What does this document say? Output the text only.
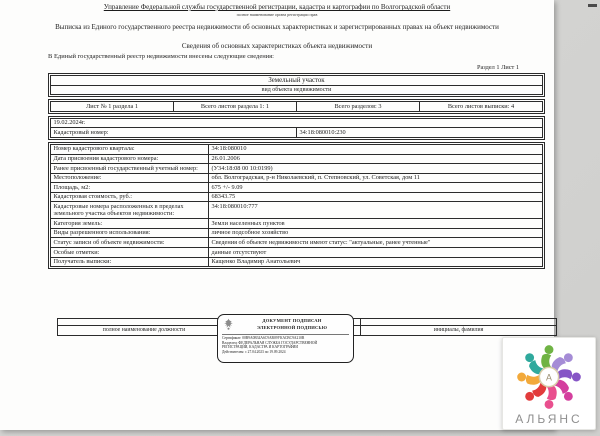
Управление Федеральной службы государственной регистрации, кадастра и картографии по Волгоградской области
полное наименование органа регистрации прав
Выписка из Единого государственного реестра недвижимости об основных характеристиках и зарегистрированных правах на объект недвижимости
Сведения об основных характеристиках объекта недвижимости
В Единый государственный реестр недвижимости внесены следующие сведения:
Раздел 1 Лист 1
Земельный участок
вид объекта недвижимости
Лист № 1 раздела 1	Всего листов раздела 1: 1	Всего разделов: 3	Всего листов выписки: 4
19.02.2024г.
Кадастровый номер:	34:18:080010:230
Номер кадастрового квартала:	34:18:080010
Дата присвоения кадастрового номера:	26.01.2006
Ранее присвоенный государственный учетный номер:	(У34:18:08 00 10:0199)
Местоположение:	обл. Волгоградская, р-н Николаевский, п. Степновский, ул. Советская, дом 11
Площадь, м2:	675 +/- 9.09
Кадастровая стоимость, руб.:	68343.75
Кадастровые номера расположенных в пределах земельного участка объектов недвижимости:	34:18:080010:777
Категория земель:	Земли населенных пунктов
Виды разрешенного использования:	личное подсобное хозяйство
Статус записи об объекте недвижимости:	Сведения об объекте недвижимости имеют статус: "актуальные, ранее учтенные"
Особые отметки:	данные отсутствуют
Получатель выписки:	Кащенко Владимир Анатольевич

полное наименование должности		инициалы, фамилия
ДОКУМЕНТ ПОДПИСАН
ЭЛЕКТРОННОЙ ПОДПИСЬЮ
Сертификат: 00В9А0В34А6С9АВ09УКАСВС9А210В
Владелец: ФЕДЕРАЛЬНАЯ СЛУЖБА ГОСУДАРСТВЕННОЙ
РЕГИСТРАЦИИ, КАДАСТРА И КАРТОГРАФИИ
Действителен: с 27.04.2023 по 19.09.2024
А
АЛЬЯНС
